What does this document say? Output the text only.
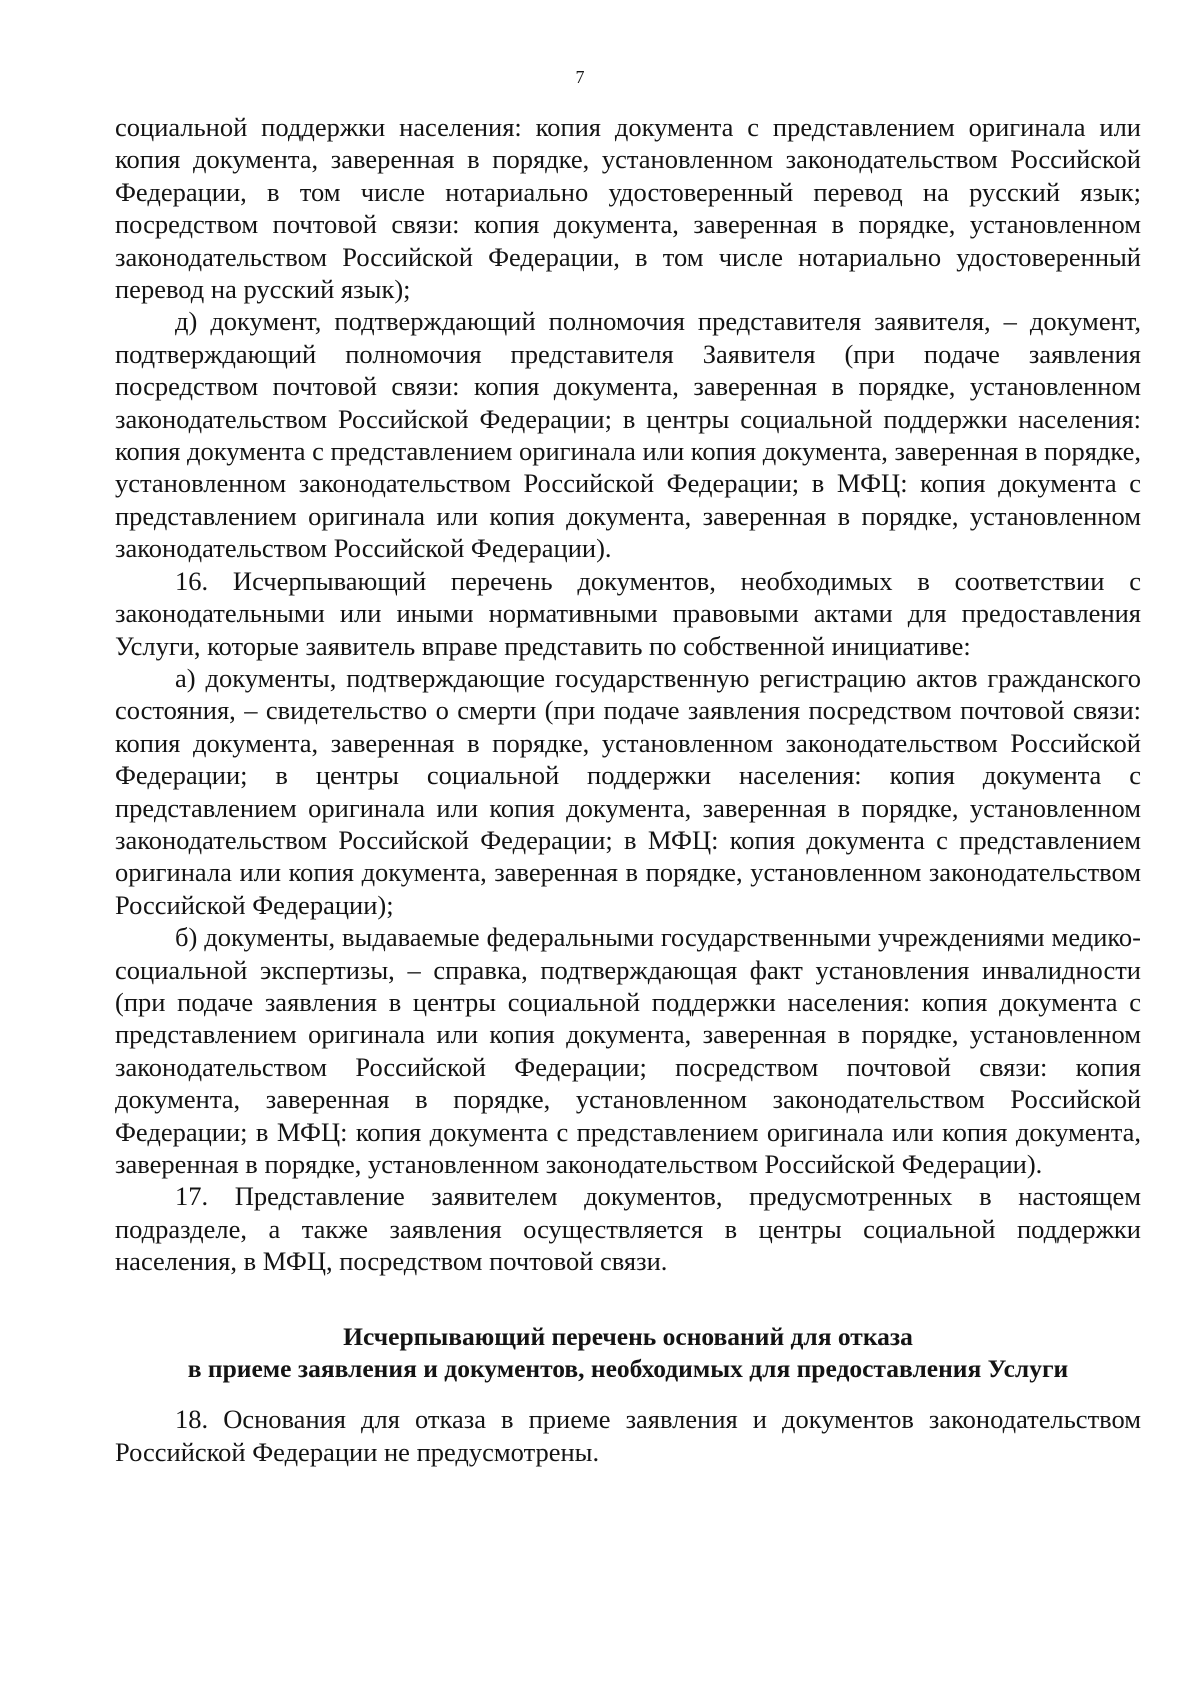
7

социальной поддержки населения: копия документа с представлением оригинала или копия документа, заверенная в порядке, установленном законодательством Российской Федерации, в том числе нотариально удостоверенный перевод на русский язык; посредством почтовой связи: копия документа, заверенная в порядке, установленном законодательством Российской Федерации, в том числе нотариально удостоверенный перевод на русский язык);

д) документ, подтверждающий полномочия представителя заявителя, – документ, подтверждающий полномочия представителя Заявителя (при подаче заявления посредством почтовой связи: копия документа, заверенная в порядке, установленном законодательством Российской Федерации; в центры социальной поддержки населения: копия документа с представлением оригинала или копия документа, заверенная в порядке, установленном законодательством Российской Федерации; в МФЦ: копия документа с представлением оригинала или копия документа, заверенная в порядке, установленном законодательством Российской Федерации).

16. Исчерпывающий перечень документов, необходимых в соответствии с законодательными или иными нормативными правовыми актами для предоставления Услуги, которые заявитель вправе представить по собственной инициативе:

а) документы, подтверждающие государственную регистрацию актов гражданского состояния, – свидетельство о смерти (при подаче заявления посредством почтовой связи: копия документа, заверенная в порядке, установленном законодательством Российской Федерации; в центры социальной поддержки населения: копия документа с представлением оригинала или копия документа, заверенная в порядке, установленном законодательством Российской Федерации; в МФЦ: копия документа с представлением оригинала или копия документа, заверенная в порядке, установленном законодательством Российской Федерации);

б) документы, выдаваемые федеральными государственными учреждениями медико-социальной экспертизы, – справка, подтверждающая факт установления инвалидности (при подаче заявления в центры социальной поддержки населения: копия документа с представлением оригинала или копия документа, заверенная в порядке, установленном законодательством Российской Федерации; посредством почтовой связи: копия документа, заверенная в порядке, установленном законодательством Российской Федерации; в МФЦ: копия документа с представлением оригинала или копия документа, заверенная в порядке, установленном законодательством Российской Федерации).

17. Представление заявителем документов, предусмотренных в настоящем подразделе, а также заявления осуществляется в центры социальной поддержки населения, в МФЦ, посредством почтовой связи.

Исчерпывающий перечень оснований для отказа
в приеме заявления и документов, необходимых для предоставления Услуги

18. Основания для отказа в приеме заявления и документов законодательством Российской Федерации не предусмотрены.
